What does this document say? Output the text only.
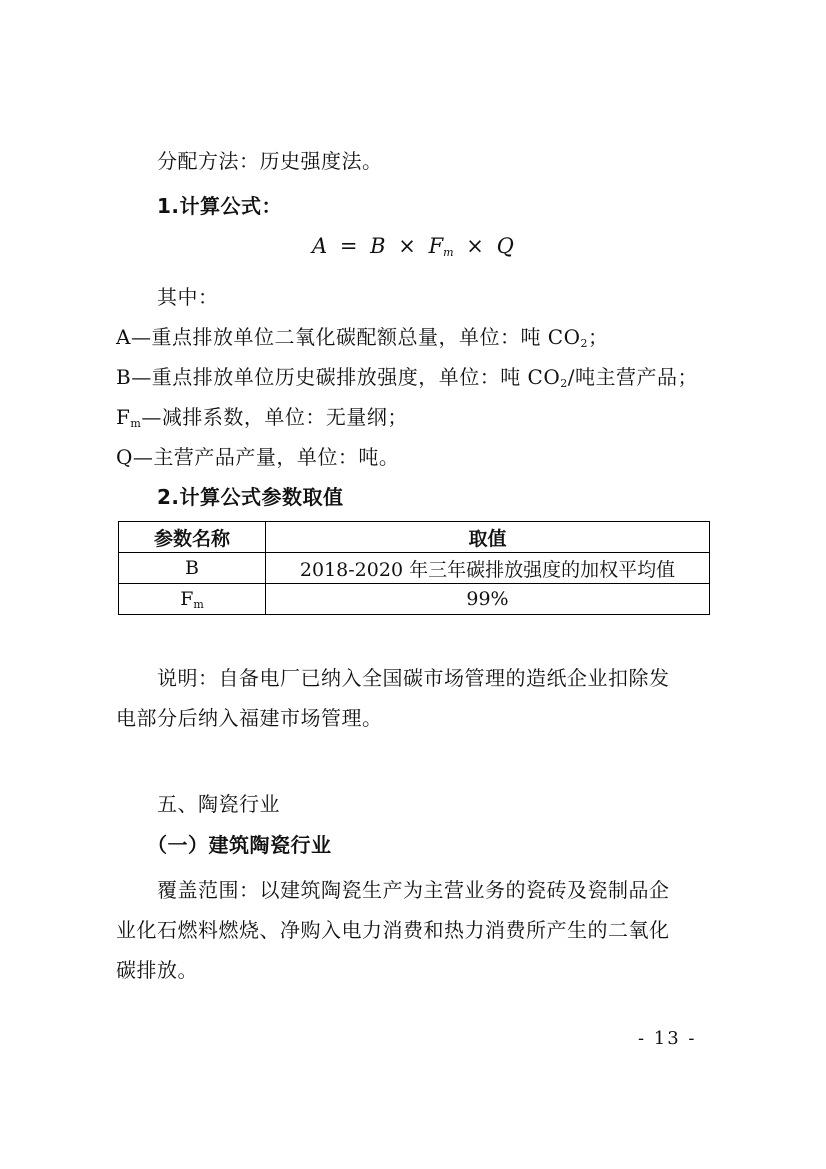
分配方法：历史强度法。
1.计算公式：
$A = B \times F_m \times Q$
其中：
A—重点排放单位二氧化碳配额总量，单位：吨 $CO_2$；
B—重点排放单位历史碳排放强度，单位：吨 $CO_2/$吨主营产品；
$F_m—$减排系数，单位：无量纲；
Q—主营产品产量，单位：吨。
2.计算公式参数取值
参数名称	取值
B	2018-2020 年三年碳排放强度的加权平均值
$F_m$	99%
说明：自备电厂已纳入全国碳市场管理的造纸企业扣除发
电部分后纳入福建市场管理。
五、陶瓷行业
（一）建筑陶瓷行业
覆盖范围：以建筑陶瓷生产为主营业务的瓷砖及瓷制品企
业化石燃料燃烧、净购入电力消费和热力消费所产生的二氧化
碳排放。
- 13 -
